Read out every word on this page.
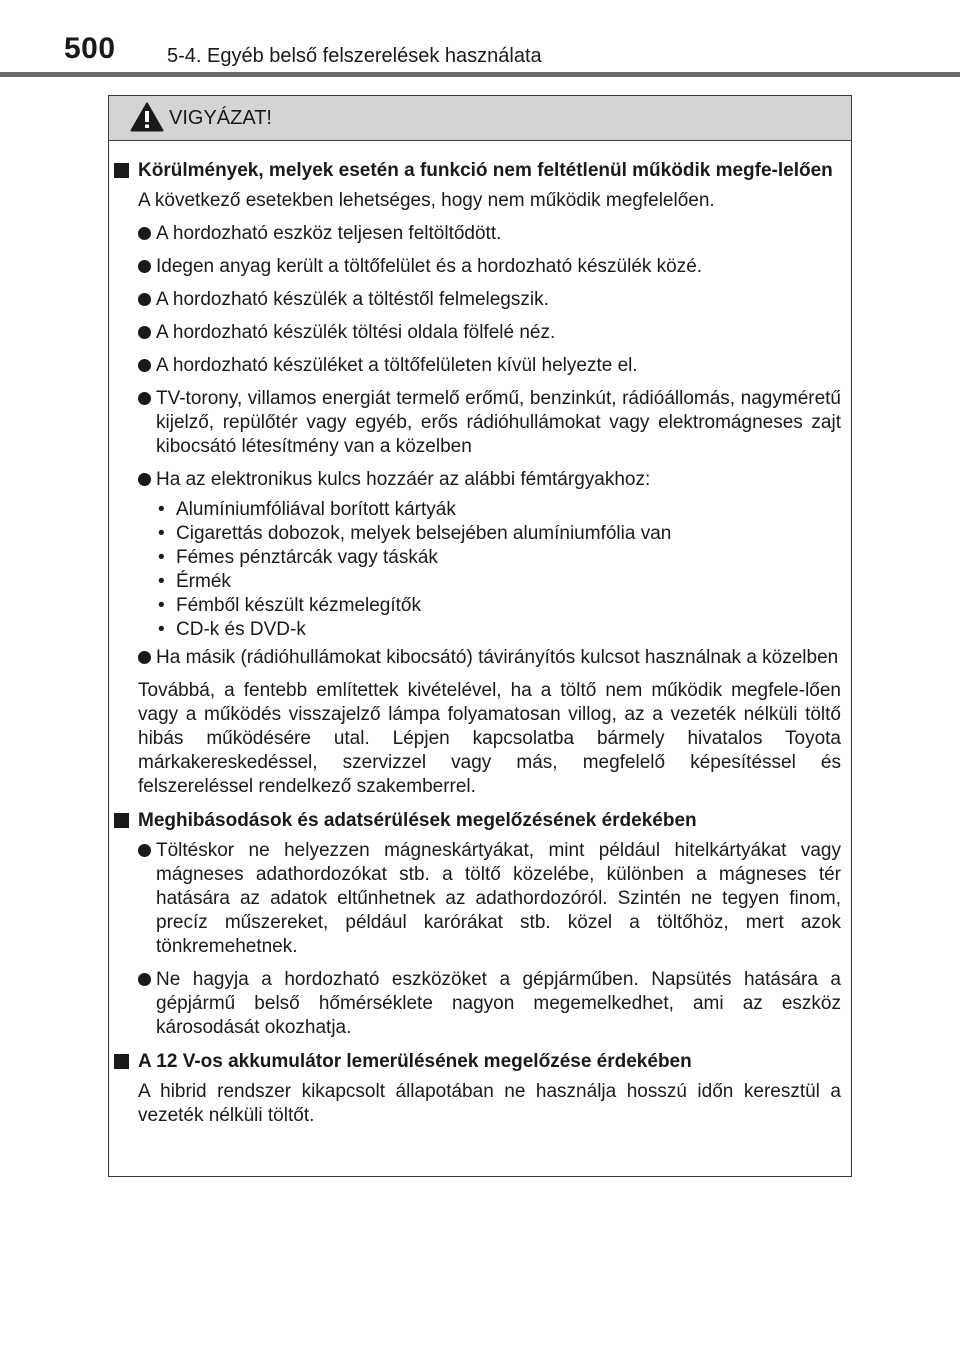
500	5-4. Egyéb belső felszerelések használata
VIGYÁZAT!
Körülmények, melyek esetén a funkció nem feltétlenül működik megfe-lelően
A következő esetekben lehetséges, hogy nem működik megfelelően.
A hordozható eszköz teljesen feltöltődött.
Idegen anyag került a töltőfelület és a hordozható készülék közé.
A hordozható készülék a töltéstől felmelegszik.
A hordozható készülék töltési oldala fölfelé néz.
A hordozható készüléket a töltőfelületen kívül helyezte el.
TV-torony, villamos energiát termelő erőmű, benzinkút, rádióállomás, nagyméretű kijelző, repülőtér vagy egyéb, erős rádióhullámokat vagy elektromágneses zajt kibocsátó létesítmény van a közelben
Ha az elektronikus kulcs hozzáér az alábbi fémtárgyakhoz:
• Alumíniumfóliával borított kártyák
• Cigarettás dobozok, melyek belsejében alumíniumfólia van
• Fémes pénztárcák vagy táskák
• Érmék
• Fémből készült kézmelegítők
• CD-k és DVD-k
Ha másik (rádióhullámokat kibocsátó) távirányítós kulcsot használnak a közelben
Továbbá, a fentebb említettek kivételével, ha a töltő nem működik megfele-lően vagy a működés visszajelző lámpa folyamatosan villog, az a vezeték nélküli töltő hibás működésére utal. Lépjen kapcsolatba bármely hivatalos Toyota márkakereskedéssel, szervizzel vagy más, megfelelő képesítéssel és felszereléssel rendelkező szakemberrel.
Meghibásodások és adatsérülések megelőzésének érdekében
Töltéskor ne helyezzen mágneskártyákat, mint például hitelkártyákat vagy mágneses adathordozókat stb. a töltő közelébe, különben a mágneses tér hatására az adatok eltűnhetnek az adathordozóról. Szintén ne tegyen finom, precíz műszereket, például karórákat stb. közel a töltőhöz, mert azok tönkremehetnek.
Ne hagyja a hordozható eszközöket a gépjárműben. Napsütés hatására a gépjármű belső hőmérséklete nagyon megemelkedhet, ami az eszköz károsodását okozhatja.
A 12 V-os akkumulátor lemerülésének megelőzése érdekében
A hibrid rendszer kikapcsolt állapotában ne használja hosszú időn keresztül a vezeték nélküli töltőt.
